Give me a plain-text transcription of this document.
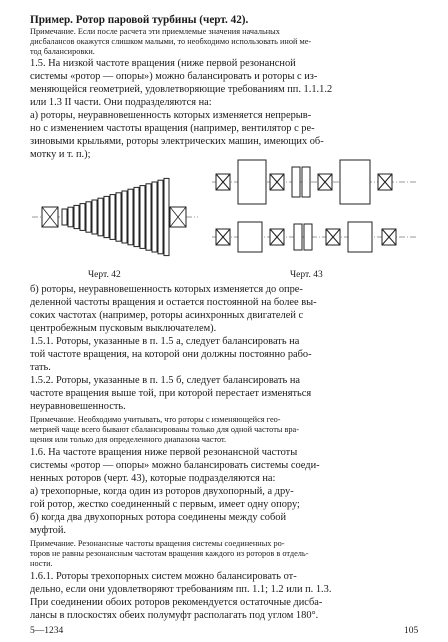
Пример. Ротор паровой турбины (черт. 42).
Примечание. Если после расчета эти приемлемые значения начальных
дисбалансов окажутся слишком малыми, то необходимо использовать иной ме-
тод балансировки.
1.5. На низкой частоте вращения (ниже первой резонансной
системы «ротор — опоры») можно балансировать и роторы с из-
меняющейся геометрией, удовлетворяющие требованиям пп. 1.1.1.2
или 1.3 II части. Они подразделяются на:
а) роторы, неуравновешенность которых изменяется непрерыв-
но с изменением частоты вращения (например, вентилятор с ре-
зиновыми крыльями, роторы электрических машин, имеющих об-
мотку и т. п.);
Черт. 42	Черт. 43
б) роторы, неуравновешенность которых изменяется до опре-
деленной частоты вращения и остается постоянной на более вы-
соких частотах (например, роторы асинхронных двигателей с
центробежным пусковым выключателем).
1.5.1. Роторы, указанные в п. 1.5 а, следует балансировать на
той частоте вращения, на которой они должны постоянно рабо-
тать.
1.5.2. Роторы, указанные в п. 1.5 б, следует балансировать на
частоте вращения выше той, при которой перестает изменяться
неуравновешенность.
Примечание. Необходимо учитывать, что роторы с изменяющейся гео-
метрией чаще всего бывают сбалансированы только для одной частоты вра-
щения или только для определенного диапазона частот.
1.6. На частоте вращения ниже первой резонансной частоты
системы «ротор — опоры» можно балансировать системы соеди-
ненных роторов (черт. 43), которые подразделяются на:
а) трехопорные, когда один из роторов двухопорный, а дру-
гой ротор, жестко соединенный с первым, имеет одну опору;
б) когда два двухопорных ротора соединены между собой
муфтой.
Примечание. Резонансные частоты вращения системы соединенных ро-
торов не равны резонансным частотам вращения каждого из роторов в отдель-
ности.
1.6.1. Роторы трехопорных систем можно балансировать от-
дельно, если они удовлетворяют требованиям пп. 1.1; 1.2 или п. 1.3.
При соединении обоих роторов рекомендуется остаточные дисба-
лансы в плоскостях обеих полумуфт располагать под углом 180°.
5—1234	105
